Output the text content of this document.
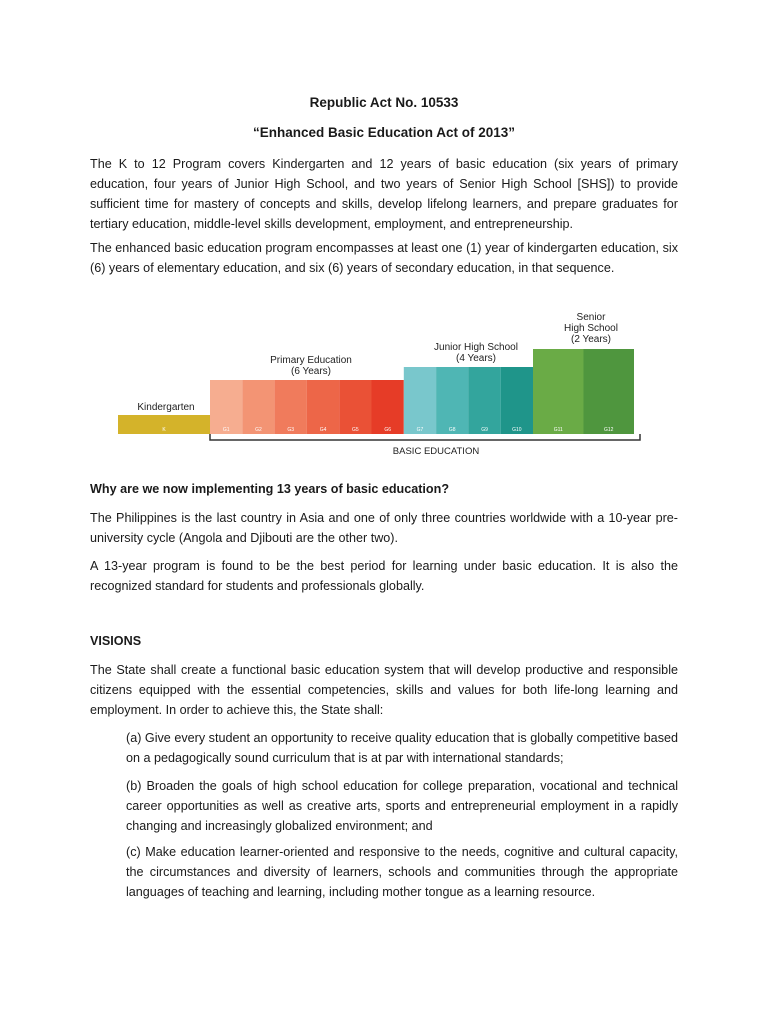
Republic Act No. 10533
“Enhanced Basic Education Act of 2013”

The K to 12 Program covers Kindergarten and 12 years of basic education (six years of primary education, four years of Junior High School, and two years of Senior High School [SHS]) to provide sufficient time for mastery of concepts and skills, develop lifelong learners, and prepare graduates for tertiary education, middle-level skills development, employment, and entrepreneurship.

The enhanced basic education program encompasses at least one (1) year of kindergarten education, six (6) years of elementary education, and six (6) years of secondary education, in that sequence.

K	G1	G2	G3	G4	G5	G6	G7	G8	G9	G10	G11	G12
Kindergarten
Primary Education
(6 Years)
Junior High School
(4 Years)
Senior
High School
(2 Years)
BASIC EDUCATION
Why are we now implementing 13 years of basic education?

The Philippines is the last country in Asia and one of only three countries worldwide with a 10-year pre-university cycle (Angola and Djibouti are the other two).

A 13-year program is found to be the best period for learning under basic education. It is also the recognized standard for students and professionals globally.

VISIONS

The State shall create a functional basic education system that will develop productive and responsible citizens equipped with the essential competencies, skills and values for both life-long learning and employment. In order to achieve this, the State shall:

(a) Give every student an opportunity to receive quality education that is globally competitive based on a pedagogically sound curriculum that is at par with international standards;

(b) Broaden the goals of high school education for college preparation, vocational and technical career opportunities as well as creative arts, sports and entrepreneurial employment in a rapidly changing and increasingly globalized environment; and

(c) Make education learner-oriented and responsive to the needs, cognitive and cultural capacity, the circumstances and diversity of learners, schools and communities through the appropriate languages of teaching and learning, including mother tongue as a learning resource.
